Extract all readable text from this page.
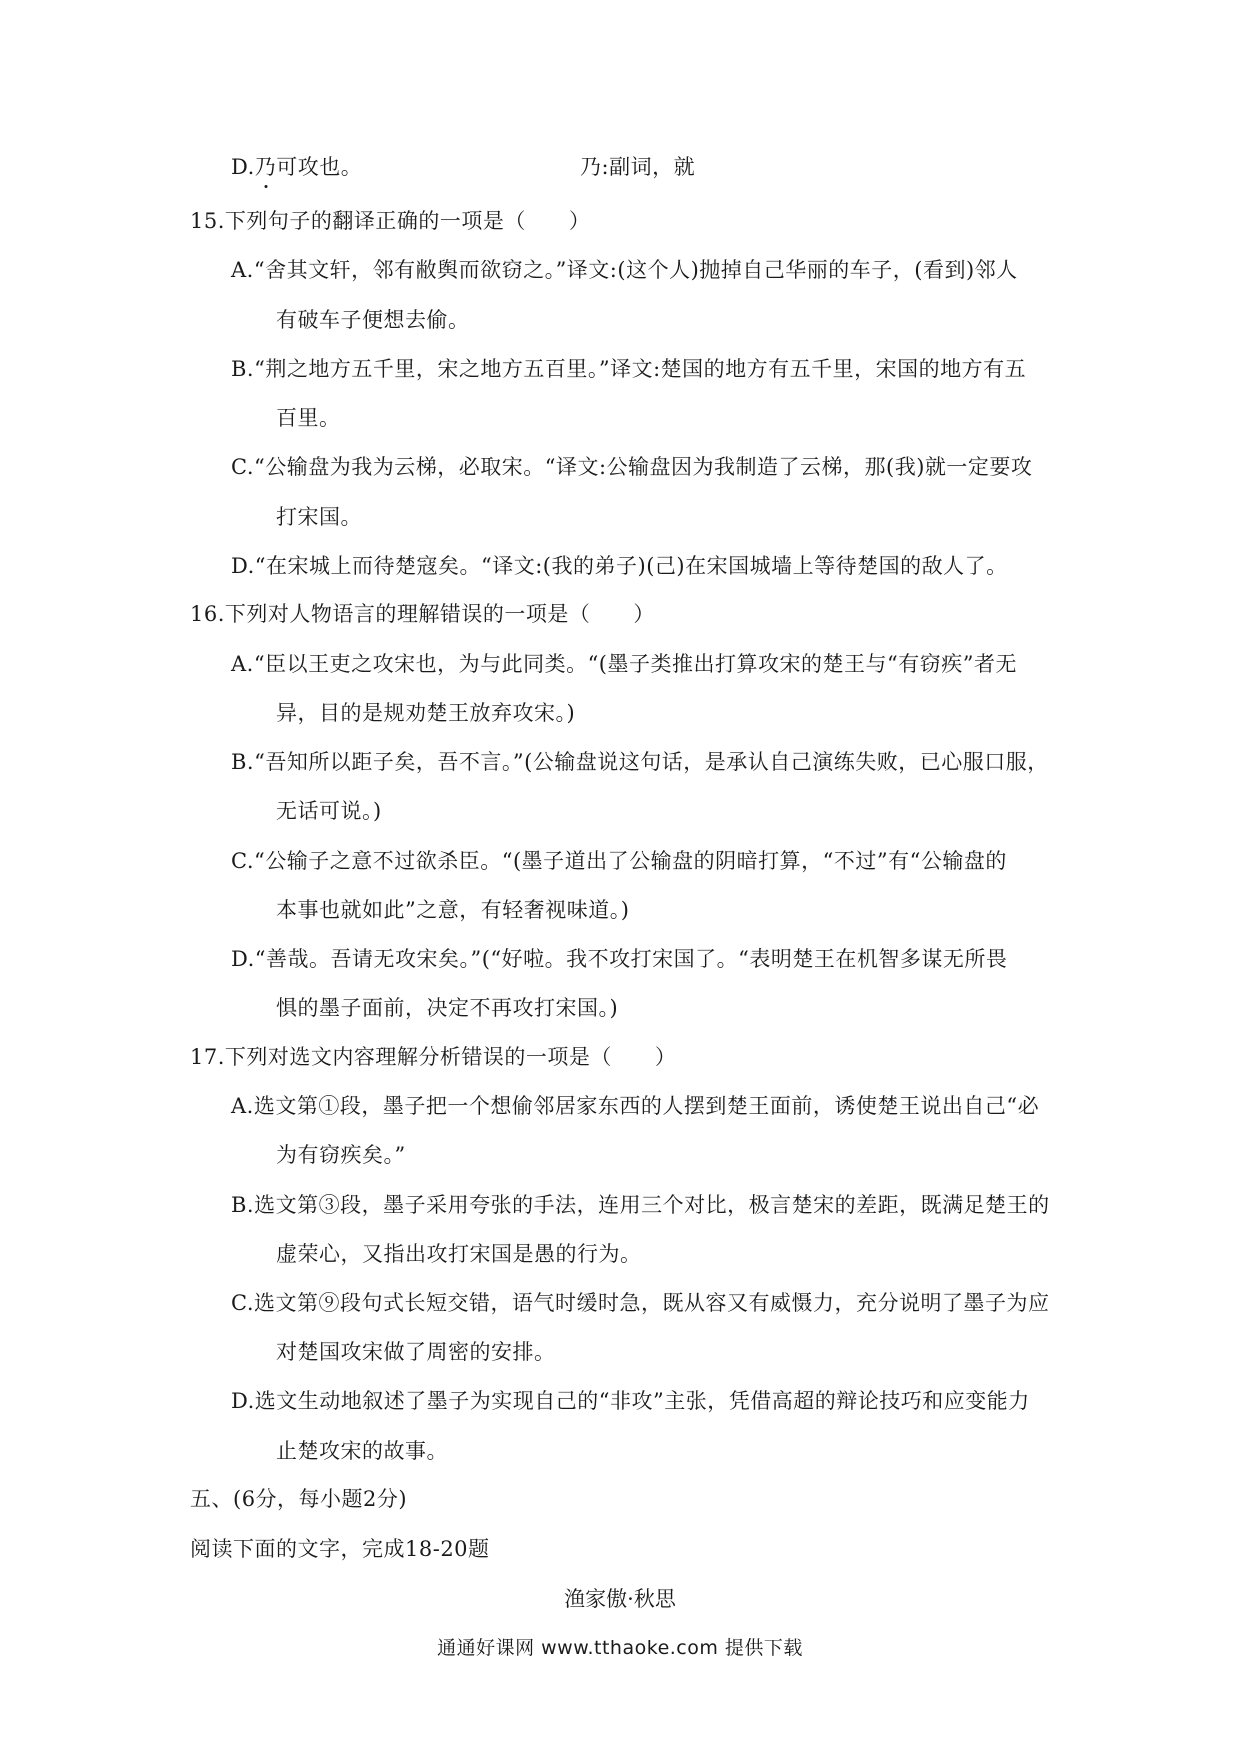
D.乃可攻也。	乃:副词，就
15.下列句子的翻译正确的一项是（　　）
A.“舍其文轩，邻有敝舆而欲窃之。”译文:(这个人)抛掉自己华丽的车子，(看到)邻人
有破车子便想去偷。
B.“荆之地方五千里，宋之地方五百里。”译文:楚国的地方有五千里，宋国的地方有五
百里。
C.“公输盘为我为云梯，必取宋。“译文:公输盘因为我制造了云梯，那(我)就一定要攻
打宋国。
D.“在宋城上而待楚寇矣。“译文:(我的弟子)(己)在宋国城墙上等待楚国的敌人了。
16.下列对人物语言的理解错误的一项是（　　）
A.“臣以王吏之攻宋也，为与此同类。“(墨子类推出打算攻宋的楚王与“有窃疾”者无
异，目的是规劝楚王放弃攻宋。)
B.“吾知所以距子矣，吾不言。”(公输盘说这句话，是承认自己演练失败，已心服口服，
无话可说。)
C.“公输子之意不过欲杀臣。“(墨子道出了公输盘的阴暗打算，“不过”有“公输盘的
本事也就如此”之意，有轻奢视味道。)
D.“善哉。吾请无攻宋矣。”(“好啦。我不攻打宋国了。“表明楚王在机智多谋无所畏
惧的墨子面前，决定不再攻打宋国。)
17.下列对选文内容理解分析错误的一项是（　　）
A.选文第①段，墨子把一个想偷邻居家东西的人摆到楚王面前，诱使楚王说出自己“必
为有窃疾矣。”
B.选文第③段，墨子采用夸张的手法，连用三个对比，极言楚宋的差距，既满足楚王的
虚荣心，又指出攻打宋国是愚的行为。
C.选文第⑨段句式长短交错，语气时缓时急，既从容又有威慑力，充分说明了墨子为应
对楚国攻宋做了周密的安排。
D.选文生动地叙述了墨子为实现自己的“非攻”主张，凭借高超的辩论技巧和应变能力
止楚攻宋的故事。
五、(6分，每小题2分)
阅读下面的文字，完成18-20题
渔家傲·秋思
通通好课网 www.tthaoke.com 提供下载
